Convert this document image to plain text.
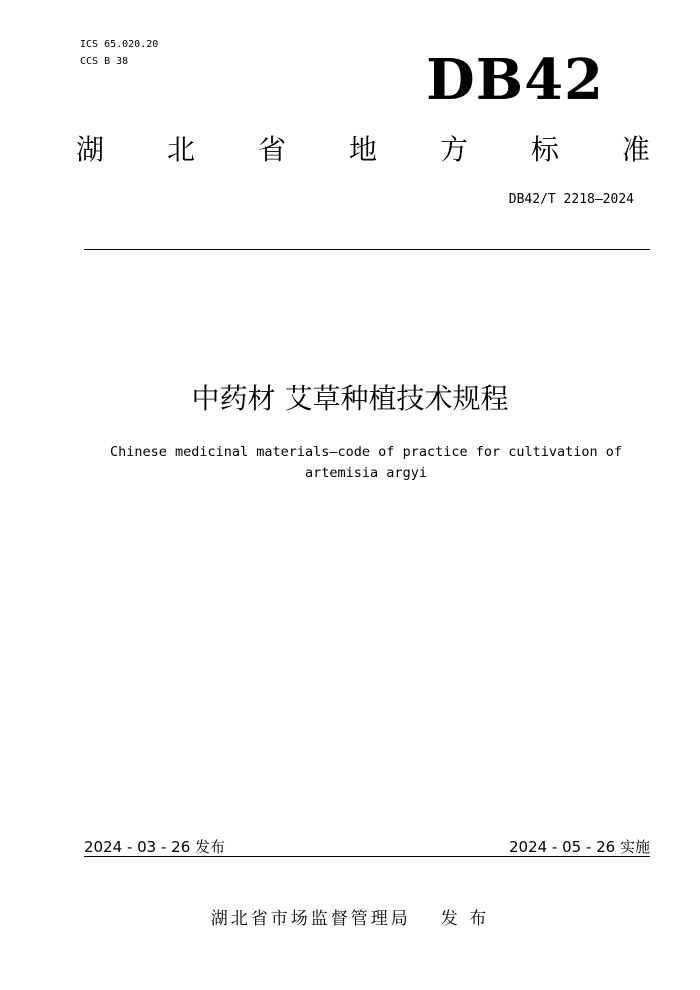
ICS 65.020.20
CCS B 38	DB42
湖 北 省 地 方 标 准
DB42/T 2218—2024
中药材 艾草种植技术规程
Chinese medicinal materials—code of practice for cultivation of artemisia argyi
2024 - 03 - 26 发布	2024 - 05 - 26 实施
湖北省市场监督管理局 发 布
